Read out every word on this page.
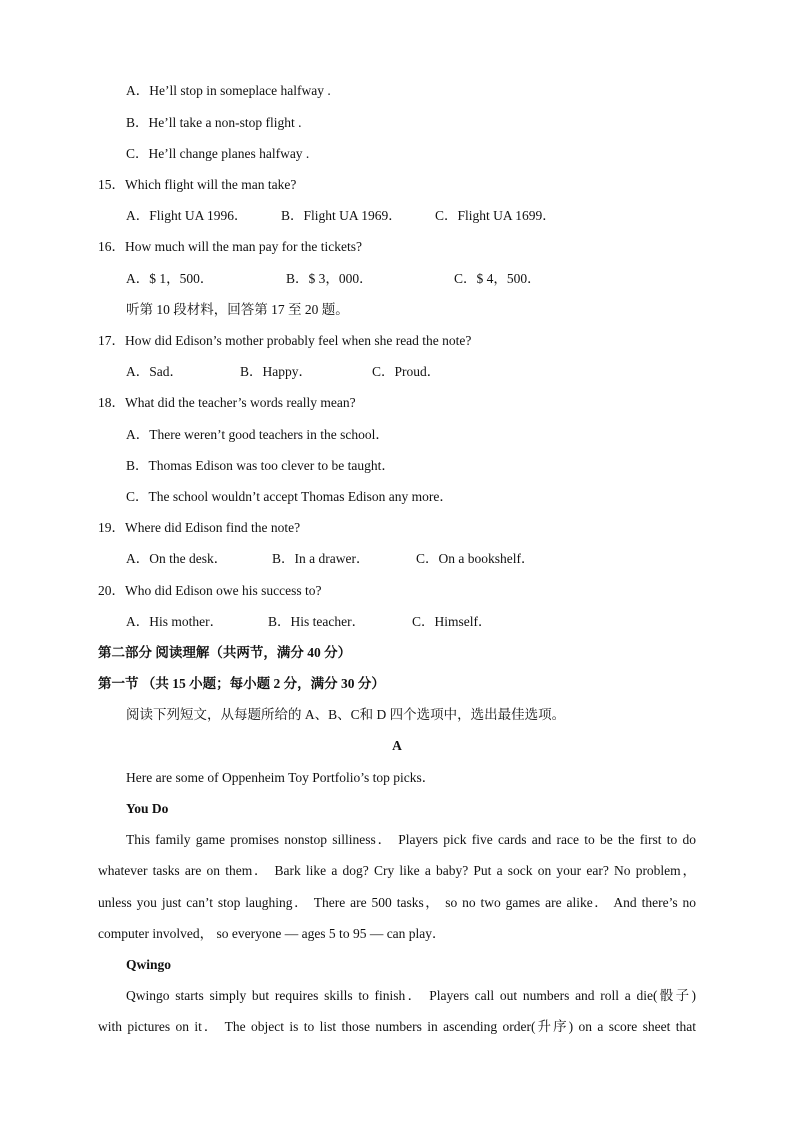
A．He’ll stop in someplace halfway .
B．He’ll take a non-stop flight .
C．He’ll change planes halfway .
15．Which flight will the man take?
A．Flight UA 1996． B．Flight UA 1969． C．Flight UA 1699．
16．How much will the man pay for the tickets?
A．$ 1，500．	B．$ 3，000．	C．$ 4，500．
听第 10 段材料，回答第 17 至 20 题。
17．How did Edison’s mother probably feel when she read the note?
A．Sad．	B．Happy．	C．Proud．
18．What did the teacher’s words really mean?
A．There weren’t good teachers in the school．
B．Thomas Edison was too clever to be taught．
C．The school wouldn’t accept Thomas Edison any more．
19．Where did Edison find the note?
A．On the desk．	B．In a drawer．	C．On a bookshelf．
20．Who did Edison owe his success to?
A．His mother．	B．His teacher．	C．Himself．
第二部分 阅读理解（共两节，满分 40 分）
第一节 （共 15 小题；每小题 2 分，满分 30 分）
阅读下列短文，从每题所给的 A、B、C和 D 四个选项中，选出最佳选项。
A
Here are some of Oppenheim Toy Portfolio’s top picks．
You Do
This family game promises nonstop silliness． Players pick five cards and race to be the first to do
whatever tasks are on them． Bark like a dog? Cry like a baby? Put a sock on your ear? No problem，
unless you just can’t stop laughing． There are 500 tasks， so no two games are alike． And there’s no
computer involved， so everyone — ages 5 to 95 — can play．
Qwingo
Qwingo starts simply but requires skills to finish． Players call out numbers and roll a die(骰子)
with pictures on it． The object is to list those numbers in ascending order(升序) on a score sheet that
